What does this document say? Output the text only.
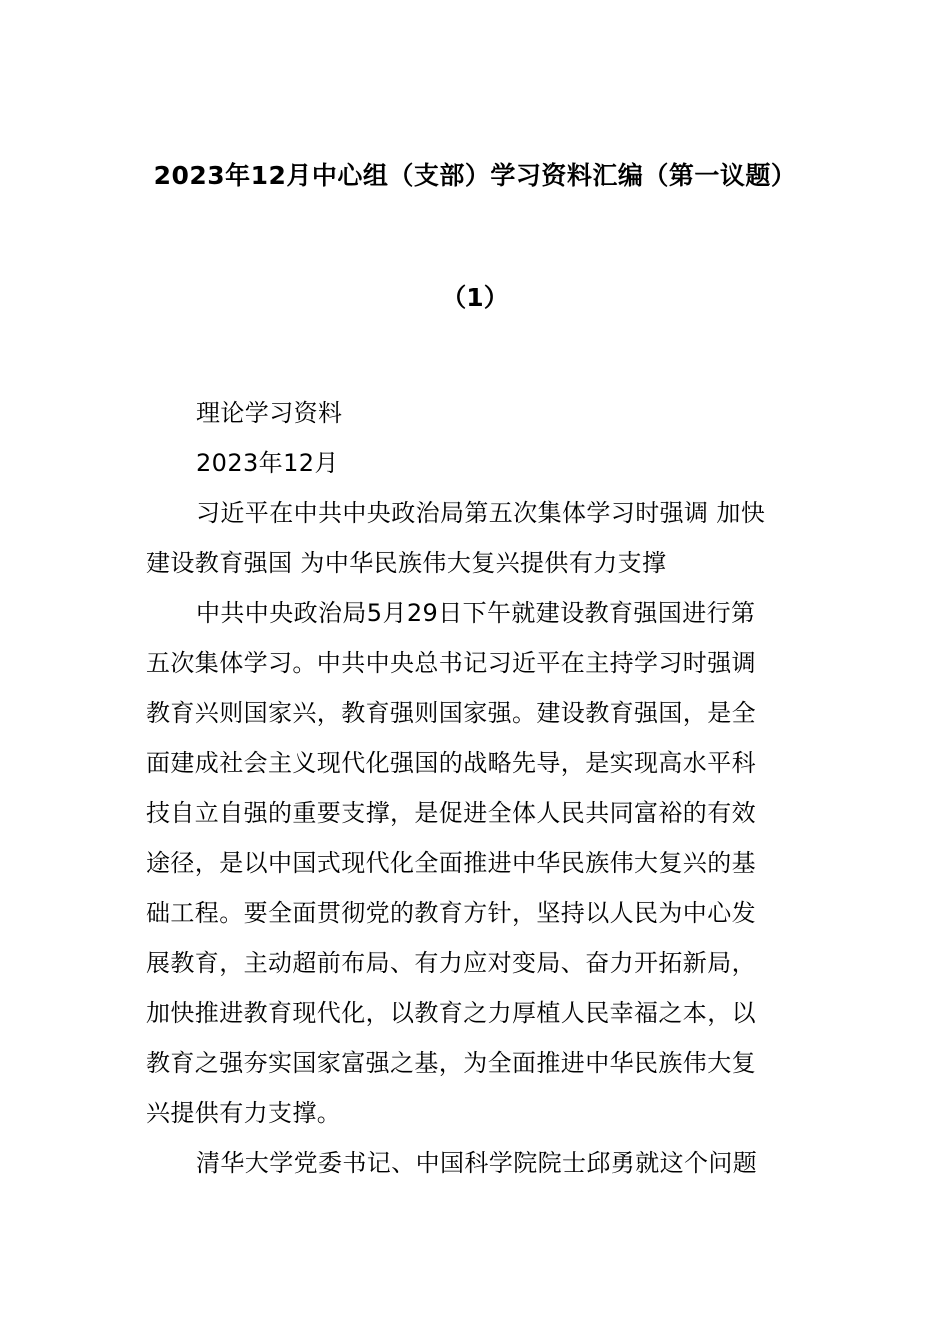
2023年12月中心组（支部）学习资料汇编（第一议题）
（1）
理论学习资料
2023年12月
习近平在中共中央政治局第五次集体学习时强调 加快
建设教育强国 为中华民族伟大复兴提供有力支撑
中共中央政治局5月29日下午就建设教育强国进行第
五次集体学习。中共中央总书记习近平在主持学习时强调
教育兴则国家兴，教育强则国家强。建设教育强国，是全
面建成社会主义现代化强国的战略先导，是实现高水平科
技自立自强的重要支撑，是促进全体人民共同富裕的有效
途径，是以中国式现代化全面推进中华民族伟大复兴的基
础工程。要全面贯彻党的教育方针，坚持以人民为中心发
展教育，主动超前布局、有力应对变局、奋力开拓新局，
加快推进教育现代化，以教育之力厚植人民幸福之本，以
教育之强夯实国家富强之基，为全面推进中华民族伟大复
兴提供有力支撑。
清华大学党委书记、中国科学院院士邱勇就这个问题
